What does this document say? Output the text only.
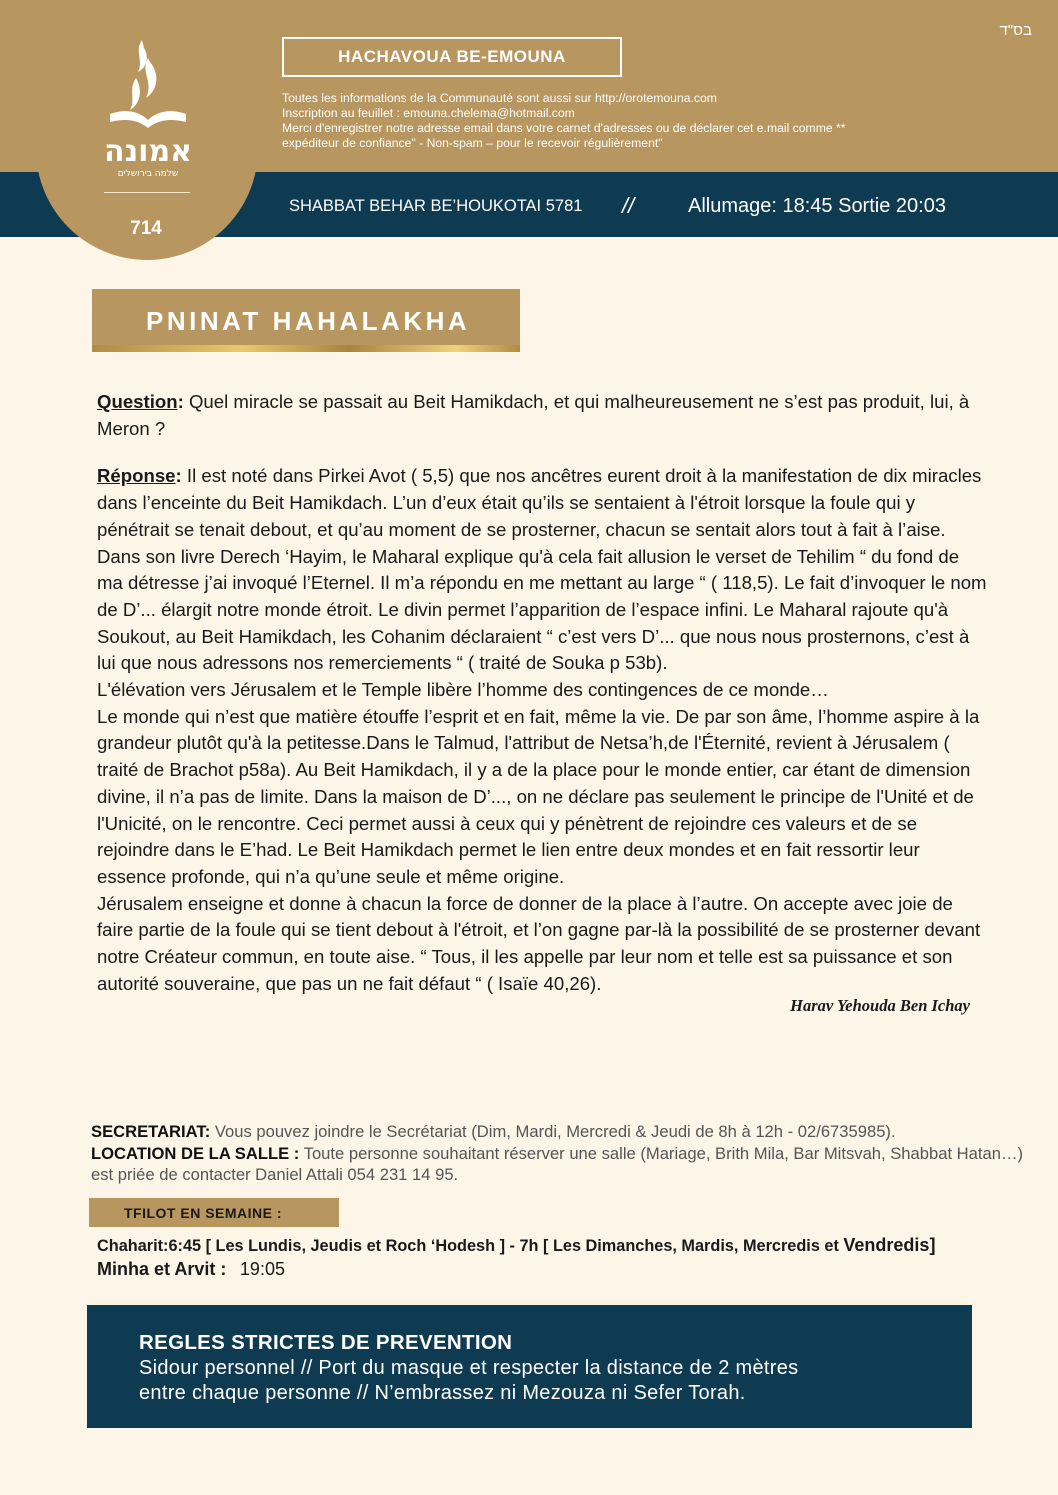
בס"ד
אמונה
שלמה בירושלים
714
HACHAVOUA BE-EMOUNA
Toutes les informations de la Communauté sont aussi sur http://orotemouna.com
Inscription au feuillet : emouna.chelema@hotmail.com
Merci d'enregistrer notre adresse email dans votre carnet d'adresses ou de déclarer cet e.mail comme **
expéditeur de confiance" - Non-spam – pour le recevoir régulièrement"
SHABBAT BEHAR BE’HOUKOTAI 5781 //	Allumage: 18:45 Sortie 20:03
PNINAT HAHALAKHA

Question: Quel miracle se passait au Beit Hamikdach, et qui malheureusement ne s’est pas produit, lui, à Meron ?

Réponse: Il est noté dans Pirkei Avot ( 5,5) que nos ancêtres eurent droit à la manifestation de dix miracles dans l’enceinte du Beit Hamikdach. L’un d’eux était qu’ils se sentaient à l'étroit lorsque la foule qui y pénétrait se tenait debout, et qu’au moment de se prosterner, chacun se sentait alors tout à fait à l’aise. Dans son livre Derech ‘Hayim, le Maharal explique qu'à cela fait allusion le verset de Tehilim “ du fond de ma détresse j’ai invoqué l’Eternel. Il m’a répondu en me mettant au large “ ( 118,5). Le fait d’invoquer le nom de D’... élargit notre monde étroit. Le divin permet l’apparition de l’espace infini. Le Maharal rajoute qu'à Soukout, au Beit Hamikdach, les Cohanim déclaraient “ c’est vers D’... que nous nous prosternons, c’est à lui que nous adressons nos remerciements “ ( traité de Souka p 53b).

L'élévation vers Jérusalem et le Temple libère l’homme des contingences de ce monde…

Le monde qui n’est que matière étouffe l’esprit et en fait, même la vie. De par son âme, l’homme aspire à la grandeur plutôt qu'à la petitesse.Dans le Talmud, l'attribut de Netsa’h,de l'Éternité, revient à Jérusalem ( traité de Brachot p58a). Au Beit Hamikdach, il y a de la place pour le monde entier, car étant de dimension divine, il n’a pas de limite. Dans la maison de D’..., on ne déclare pas seulement le principe de l'Unité et de l'Unicité, on le rencontre. Ceci permet aussi à ceux qui y pénètrent de rejoindre ces valeurs et de se rejoindre dans le E’had. Le Beit Hamikdach permet le lien entre deux mondes et en fait ressortir leur essence profonde, qui n’a qu’une seule et même origine.

Jérusalem enseigne et donne à chacun la force de donner de la place à l’autre. On accepte avec joie de faire partie de la foule qui se tient debout à l'étroit, et l’on gagne par-là la possibilité de se prosterner devant notre Créateur commun, en toute aise. “ Tous, il les appelle par leur nom et telle est sa puissance et son autorité souveraine, que pas un ne fait défaut “ ( Isaïe 40,26).

Harav Yehouda Ben Ichay
SECRETARIAT: Vous pouvez joindre le Secrétariat (Dim, Mardi, Mercredi & Jeudi de 8h à 12h - 02/6735985).
LOCATION DE LA SALLE : Toute personne souhaitant réserver une salle (Mariage, Brith Mila, Bar Mitsvah, Shabbat Hatan…) est priée de contacter Daniel Attali 054 231 14 95.
TFILOT EN SEMAINE :
Chaharit:6:45 [ Les Lundis, Jeudis et Roch ‘Hodesh ] - 7h [ Les Dimanches, Mardis, Mercredis et Vendredis]
Minha et Arvit : 19:05
REGLES STRICTES DE PREVENTION
Sidour personnel // Port du masque et respecter la distance de 2 mètres
entre chaque personne // N’embrassez ni Mezouza ni Sefer Torah.
